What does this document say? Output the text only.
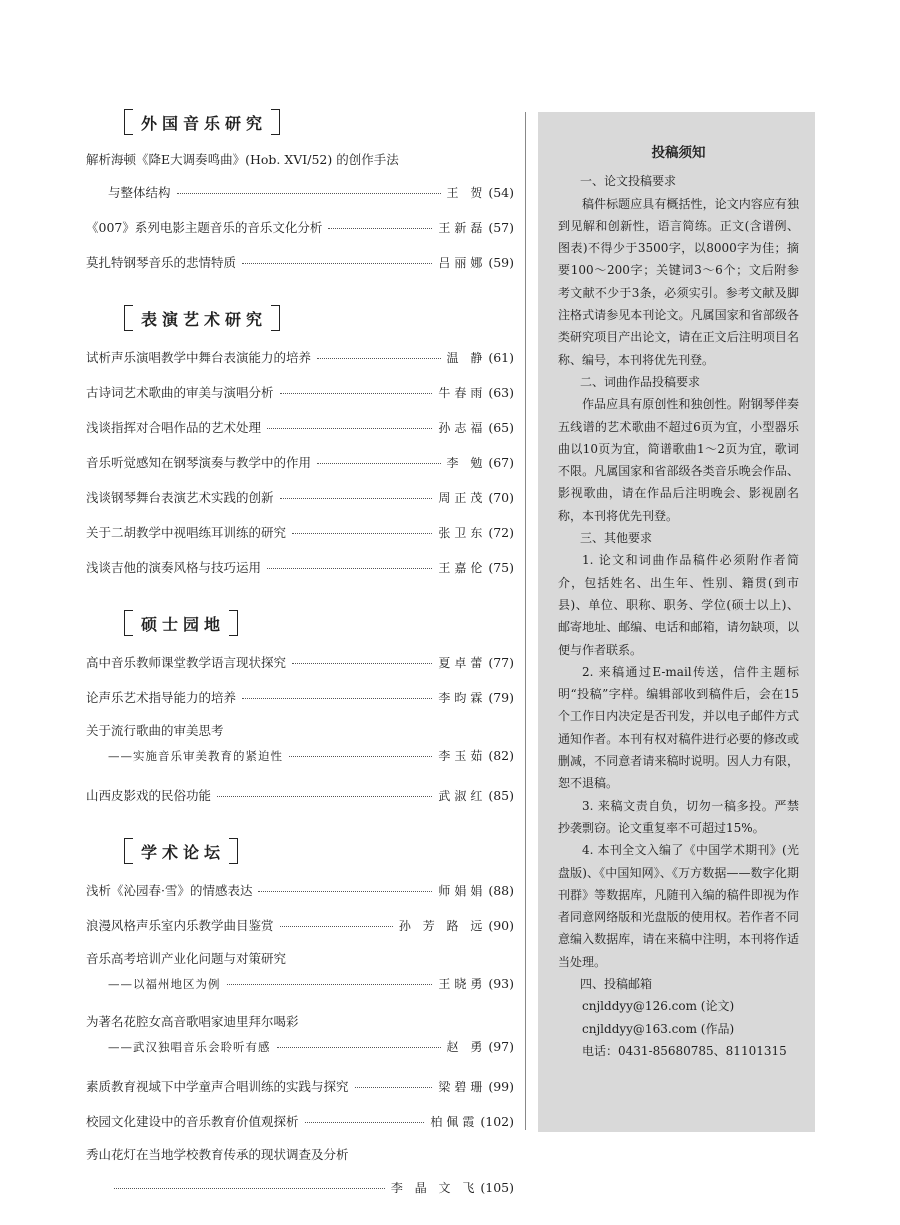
外国音乐研究
解析海顿《降E大调奏鸣曲》(Hob. XVI/52) 的创作手法
与整体结构	王 贺 (54)
《007》系列电影主题音乐的音乐文化分析	王新磊 (57)
莫扎特钢琴音乐的悲情特质	吕丽娜 (59)
表演艺术研究
试析声乐演唱教学中舞台表演能力的培养	温 静 (61)
古诗词艺术歌曲的审美与演唱分析	牛春雨 (63)
浅谈指挥对合唱作品的艺术处理	孙志福 (65)
音乐听觉感知在钢琴演奏与教学中的作用	李 勉 (67)
浅谈钢琴舞台表演艺术实践的创新	周正茂 (70)
关于二胡教学中视唱练耳训练的研究	张卫东 (72)
浅谈吉他的演奏风格与技巧运用	王嘉伦 (75)
硕士园地
高中音乐教师课堂教学语言现状探究	夏卓蕾 (77)
论声乐艺术指导能力的培养	李昀霖 (79)
关于流行歌曲的审美思考
——实施音乐审美教育的紧迫性	李玉茹 (82)
山西皮影戏的民俗功能	武淑红 (85)
学术论坛
浅析《沁园春·雪》的情感表达	师娟娟 (88)
浪漫风格声乐室内乐教学曲目鉴赏	孙 芳 路 远 (90)
音乐高考培训产业化问题与对策研究
——以福州地区为例	王晓勇 (93)
为著名花腔女高音歌唱家迪里拜尔喝彩
——武汉独唱音乐会聆听有感	赵 勇 (97)
素质教育视域下中学童声合唱训练的实践与探究	梁碧珊 (99)
校园文化建设中的音乐教育价值观探析	柏佩霞 (102)
秀山花灯在当地学校教育传承的现状调查及分析
李 晶 文 飞 (105)
投稿须知
一、论文投稿要求

稿件标题应具有概括性，论文内容应有独到见解和创新性，语言简练。正文(含谱例、图表)不得少于3500字，以8000字为佳；摘要100～200字；关键词3～6个；文后附参考文献不少于3条，必须实引。参考文献及脚注格式请参见本刊论文。凡属国家和省部级各类研究项目产出论文，请在正文后注明项目名称、编号，本刊将优先刊登。

二、词曲作品投稿要求

作品应具有原创性和独创性。附钢琴伴奏五线谱的艺术歌曲不超过6页为宜，小型器乐曲以10页为宜，简谱歌曲1～2页为宜，歌词不限。凡属国家和省部级各类音乐晚会作品、影视歌曲，请在作品后注明晚会、影视剧名称，本刊将优先刊登。

三、其他要求

1. 论文和词曲作品稿件必须附作者简介，包括姓名、出生年、性别、籍贯(到市县)、单位、职称、职务、学位(硕士以上)、邮寄地址、邮编、电话和邮箱，请勿缺项，以便与作者联系。

2. 来稿通过E-mail传送，信件主题标明“投稿”字样。编辑部收到稿件后，会在15个工作日内决定是否刊发，并以电子邮件方式通知作者。本刊有权对稿件进行必要的修改或删减，不同意者请来稿时说明。因人力有限，恕不退稿。

3. 来稿文责自负，切勿一稿多投。严禁抄袭剽窃。论文重复率不可超过15%。

4. 本刊全文入编了《中国学术期刊》(光盘版)、《中国知网》、《万方数据——数字化期刊群》等数据库，凡随刊入编的稿件即视为作者同意网络版和光盘版的使用权。若作者不同意编入数据库，请在来稿中注明，本刊将作适当处理。

四、投稿邮箱
cnjlddyy@126.com (论文)
cnjlddyy@163.com (作品)
电话：0431-85680785、81101315
